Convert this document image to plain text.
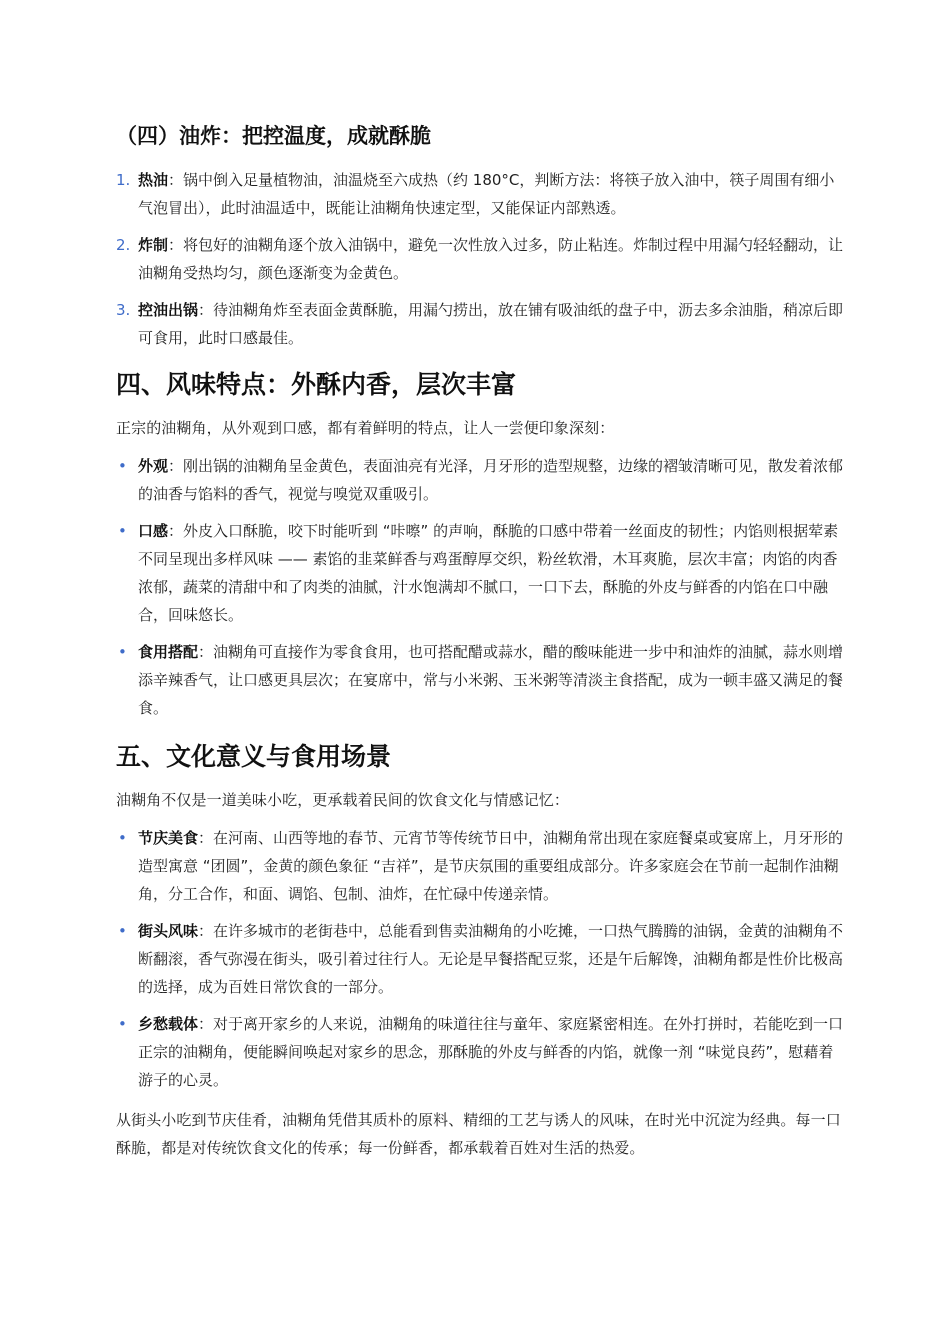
（四）油炸：把控温度，成就酥脆
1. 热油：锅中倒入足量植物油，油温烧至六成热（约 180°C，判断方法：将筷子放入油中，筷子周围有细小气泡冒出），此时油温适中，既能让油糊角快速定型，又能保证内部熟透。
2. 炸制：将包好的油糊角逐个放入油锅中，避免一次性放入过多，防止粘连。炸制过程中用漏勺轻轻翻动，让油糊角受热均匀，颜色逐渐变为金黄色。
3. 控油出锅：待油糊角炸至表面金黄酥脆，用漏勺捞出，放在铺有吸油纸的盘子中，沥去多余油脂，稍凉后即可食用，此时口感最佳。
四、风味特点：外酥内香，层次丰富

正宗的油糊角，从外观到口感，都有着鲜明的特点，让人一尝便印象深刻：

• 外观：刚出锅的油糊角呈金黄色，表面油亮有光泽，月牙形的造型规整，边缘的褶皱清晰可见，散发着浓郁的油香与馅料的香气，视觉与嗅觉双重吸引。
• 口感：外皮入口酥脆，咬下时能听到 “咔嚓” 的声响，酥脆的口感中带着一丝面皮的韧性；内馅则根据荤素不同呈现出多样风味 —— 素馅的韭菜鲜香与鸡蛋醇厚交织，粉丝软滑，木耳爽脆，层次丰富；肉馅的肉香浓郁，蔬菜的清甜中和了肉类的油腻，汁水饱满却不腻口，一口下去，酥脆的外皮与鲜香的内馅在口中融合，回味悠长。
• 食用搭配：油糊角可直接作为零食食用，也可搭配醋或蒜水，醋的酸味能进一步中和油炸的油腻，蒜水则增添辛辣香气，让口感更具层次；在宴席中，常与小米粥、玉米粥等清淡主食搭配，成为一顿丰盛又满足的餐食。
五、文化意义与食用场景

油糊角不仅是一道美味小吃，更承载着民间的饮食文化与情感记忆：

• 节庆美食：在河南、山西等地的春节、元宵节等传统节日中，油糊角常出现在家庭餐桌或宴席上，月牙形的造型寓意 “团圆”，金黄的颜色象征 “吉祥”，是节庆氛围的重要组成部分。许多家庭会在节前一起制作油糊角，分工合作，和面、调馅、包制、油炸，在忙碌中传递亲情。
• 街头风味：在许多城市的老街巷中，总能看到售卖油糊角的小吃摊，一口热气腾腾的油锅，金黄的油糊角不断翻滚，香气弥漫在街头，吸引着过往行人。无论是早餐搭配豆浆，还是午后解馋，油糊角都是性价比极高的选择，成为百姓日常饮食的一部分。
• 乡愁载体：对于离开家乡的人来说，油糊角的味道往往与童年、家庭紧密相连。在外打拼时，若能吃到一口正宗的油糊角，便能瞬间唤起对家乡的思念，那酥脆的外皮与鲜香的内馅，就像一剂 “味觉良药”，慰藉着游子的心灵。

从街头小吃到节庆佳肴，油糊角凭借其质朴的原料、精细的工艺与诱人的风味，在时光中沉淀为经典。每一口酥脆，都是对传统饮食文化的传承；每一份鲜香，都承载着百姓对生活的热爱。
